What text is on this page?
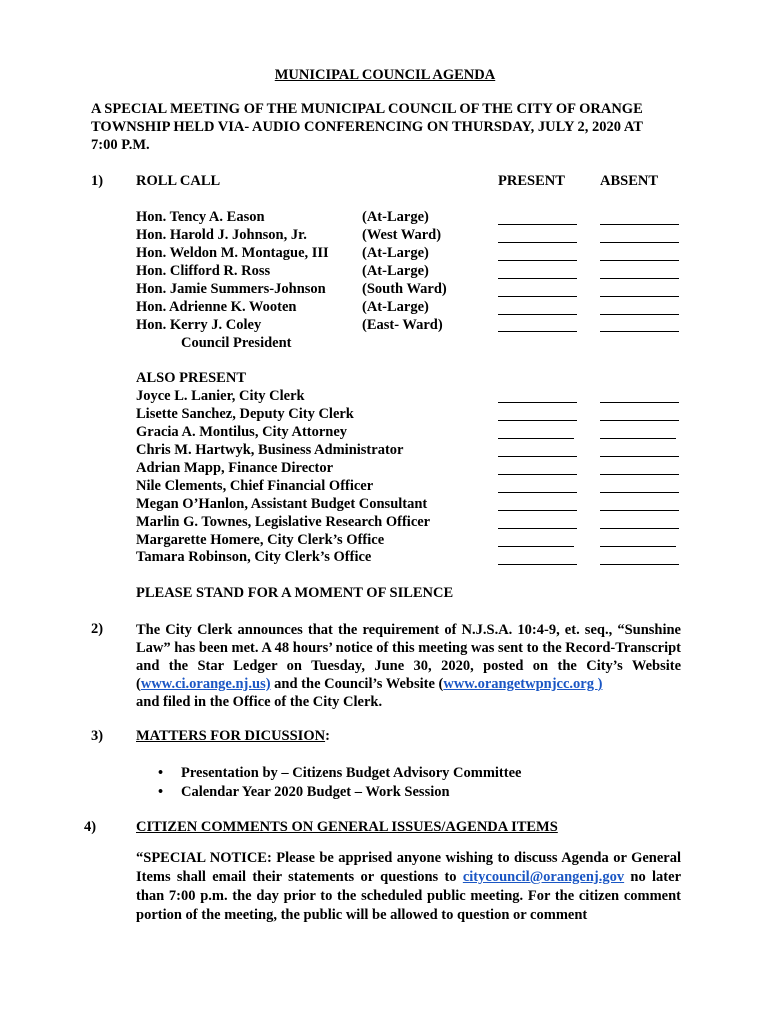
MUNICIPAL COUNCIL AGENDA
A SPECIAL MEETING OF THE MUNICIPAL COUNCIL OF THE CITY OF ORANGE
TOWNSHIP HELD VIA- AUDIO CONFERENCING ON THURSDAY, JULY 2, 2020 AT
7:00 P.M.
1) ROLL CALL	PRESENT ABSENT
Hon. Tency A. Eason	(At-Large)
Hon. Harold J. Johnson, Jr.	(West Ward)
Hon. Weldon M. Montague, III (At-Large)
Hon. Clifford R. Ross	(At-Large)
Hon. Jamie Summers-Johnson	(South Ward)
Hon. Adrienne K. Wooten	(At-Large)
Hon. Kerry J. Coley	(East- Ward)
Council President
ALSO PRESENT
Joyce L. Lanier, City Clerk
Lisette Sanchez, Deputy City Clerk
Gracia A. Montilus, City Attorney
Chris M. Hartwyk, Business Administrator
Adrian Mapp, Finance Director
Nile Clements, Chief Financial Officer
Megan O’Hanlon, Assistant Budget Consultant
Marlin G. Townes, Legislative Research Officer
Margarette Homere, City Clerk’s Office
Tamara Robinson, City Clerk’s Office
PLEASE STAND FOR A MOMENT OF SILENCE
2) The City Clerk announces that the requirement of N.J.S.A. 10:4-9, et. seq., “Sunshine Law” has been met. A 48 hours’ notice of this meeting was sent to the Record-Transcript and the Star Ledger on Tuesday, June 30, 2020, posted on the City’s Website (www.ci.orange.nj.us) and the Council’s Website (www.orangetwpnjcc.org )
and filed in the Office of the City Clerk.
3) MATTERS FOR DICUSSION:
• Presentation by – Citizens Budget Advisory Committee
• Calendar Year 2020 Budget – Work Session
4)	CITIZEN COMMENTS ON GENERAL ISSUES/AGENDA ITEMS
“SPECIAL NOTICE: Please be apprised anyone wishing to discuss Agenda or General Items shall email their statements or questions to citycouncil@orangenj.gov no later than 7:00 p.m. the day prior to the scheduled public meeting. For the citizen comment portion of the meeting, the public will be allowed to question or comment
